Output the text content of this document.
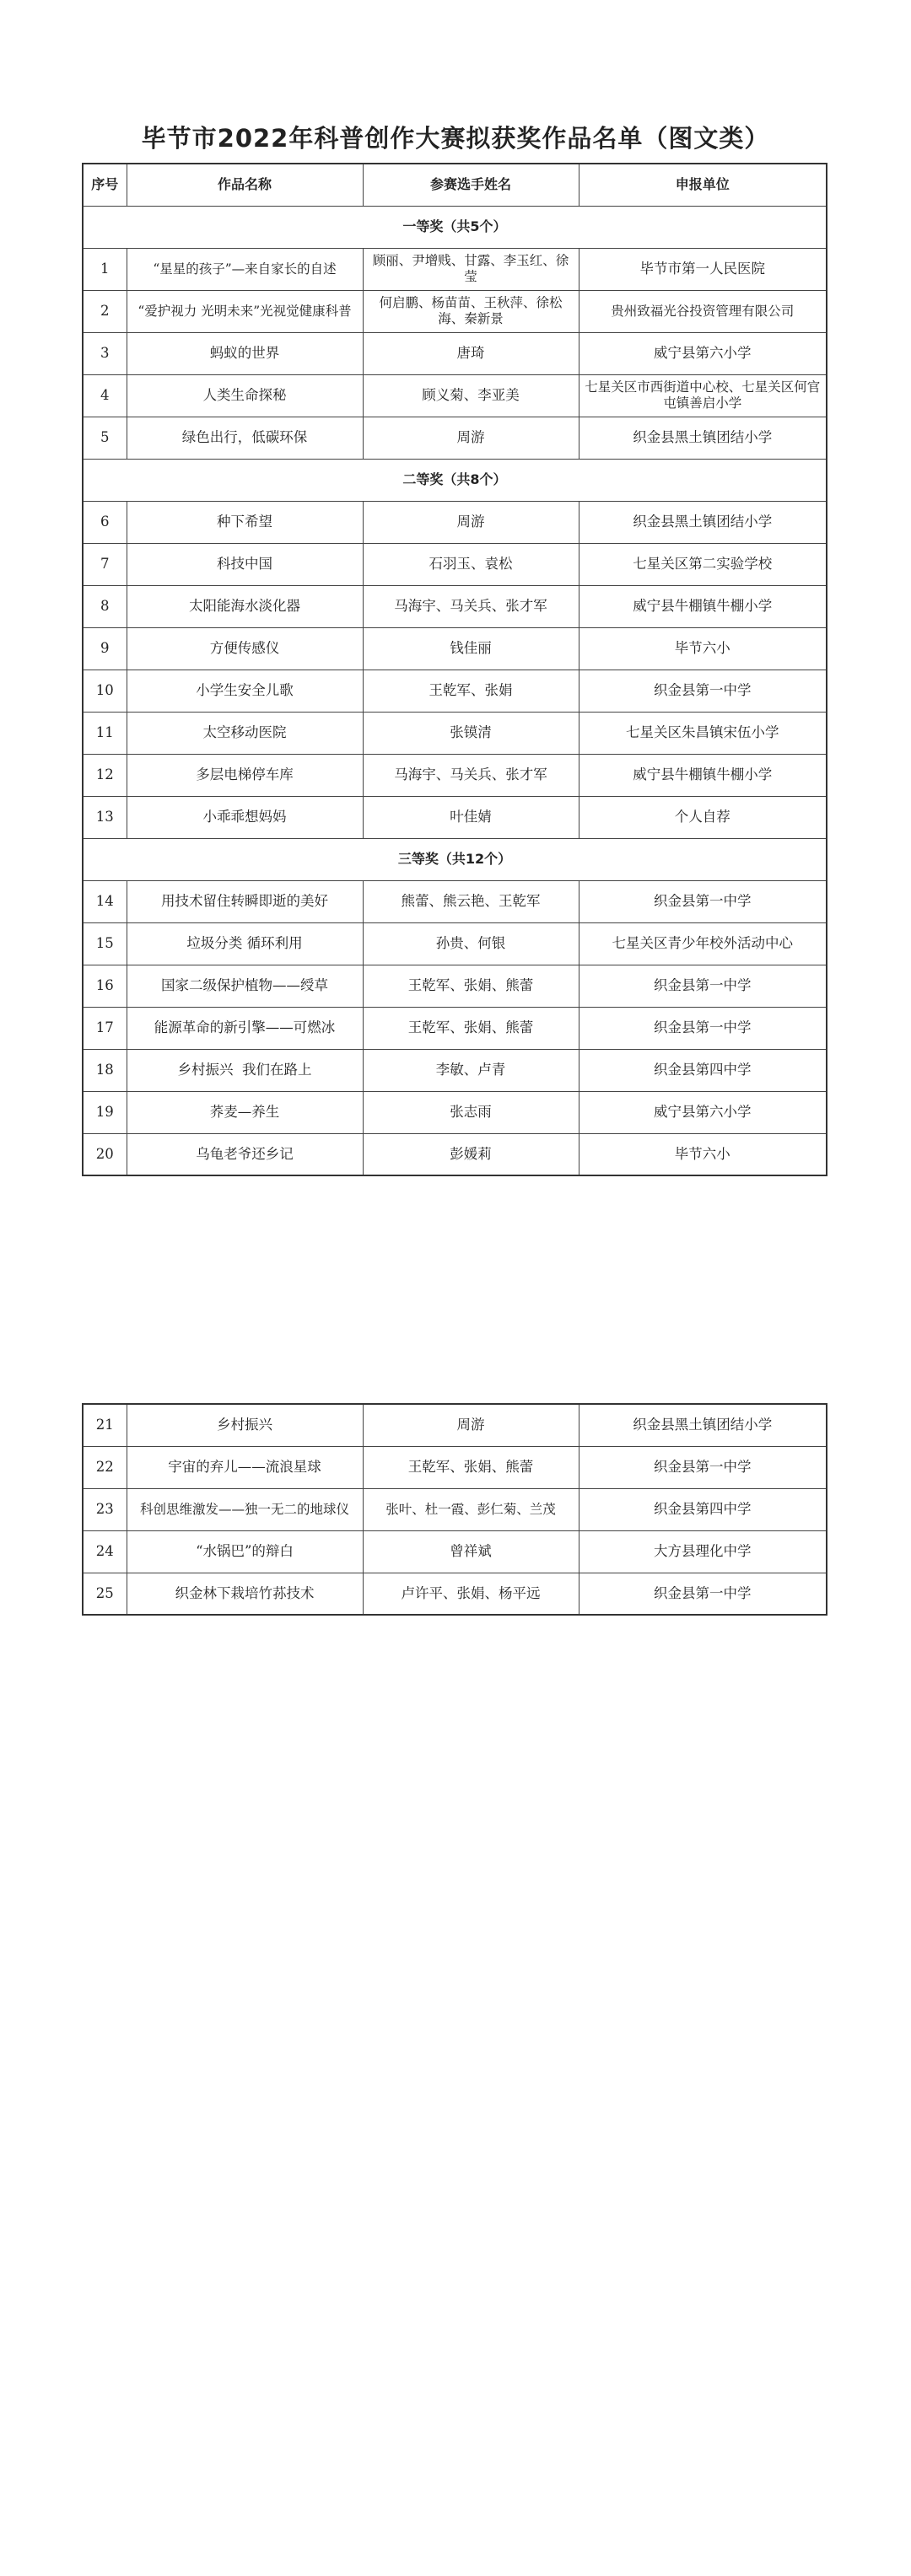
毕节市2022年科普创作大赛拟获奖作品名单（图文类）
序号	作品名称	参赛选手姓名	申报单位
一等奖（共5个）			
1	“星星的孩子”—来自家长的自述	顾丽、尹增贱、甘露、李玉红、徐莹	毕节市第一人民医院
2	“爱护视力 光明未来”光视觉健康科普	何启鹏、杨苗苗、王秋萍、徐松海、秦新景	贵州致福光谷投资管理有限公司
3	蚂蚁的世界	唐琦	威宁县第六小学
4	人类生命探秘	顾义菊、李亚美	七星关区市西街道中心校、七星关区何官屯镇善启小学
5	绿色出行，低碳环保	周游	织金县黑土镇团结小学
二等奖（共8个）			
6	种下希望	周游	织金县黑土镇团结小学
7	科技中国	石羽玉、袁松	七星关区第二实验学校
8	太阳能海水淡化器	马海宇、马关兵、张才军	威宁县牛棚镇牛棚小学
9	方便传感仪	钱佳丽	毕节六小
10	小学生安全儿歌	王乾军、张娟	织金县第一中学
11	太空移动医院	张镆清	七星关区朱昌镇宋伍小学
12	多层电梯停车库	马海宇、马关兵、张才军	威宁县牛棚镇牛棚小学
13	小乖乖想妈妈	叶佳婧	个人自荐
三等奖（共12个）			
14	用技术留住转瞬即逝的美好	熊蕾、熊云艳、王乾军	织金县第一中学
15	垃圾分类 循环利用	孙贵、何银	七星关区青少年校外活动中心
16	国家二级保护植物——绶草	王乾军、张娟、熊蕾	织金县第一中学
17	能源革命的新引擎——可燃冰	王乾军、张娟、熊蕾	织金县第一中学
18	乡村振兴  我们在路上	李敏、卢青	织金县第四中学
19	荞麦—养生	张志雨	威宁县第六小学
20	乌龟老爷还乡记	彭媛莉	毕节六小
21	乡村振兴	周游	织金县黑土镇团结小学
22	宇宙的弃儿——流浪星球	王乾军、张娟、熊蕾	织金县第一中学
23	科创思维激发——独一无二的地球仪	张叶、杜一霞、彭仁菊、兰茂	织金县第四中学
24	“水锅巴”的辩白	曾祥斌	大方县理化中学
25	织金林下栽培竹荪技术	卢许平、张娟、杨平远	织金县第一中学
